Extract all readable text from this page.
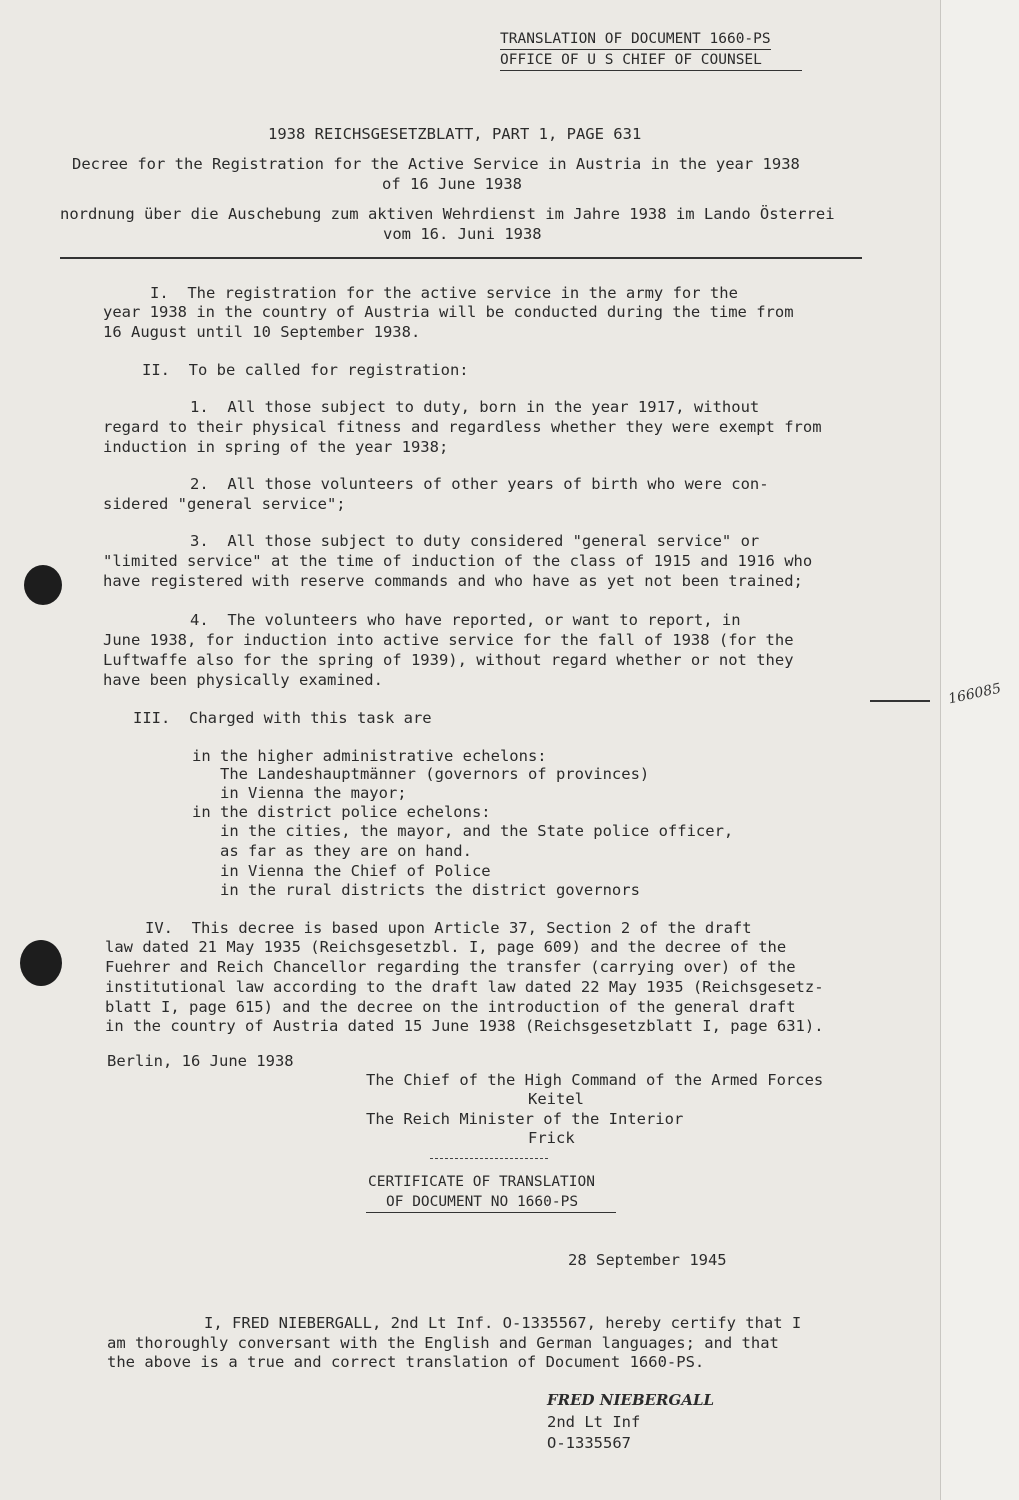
TRANSLATION OF DOCUMENT 1660-PS
OFFICE OF U S CHIEF OF COUNSEL
1938 REICHSGESETZBLATT, PART 1, PAGE 631
Decree for the Registration for the Active Service in Austria in the year 1938
of 16 June 1938
nordnung über die Auschebung zum aktiven Wehrdienst im Jahre 1938 im Lando Österrei
vom 16. Juni 1938
I.  The registration for the active service in the army for the
year 1938 in the country of Austria will be conducted during the time from
16 August until 10 September 1938.
II.  To be called for registration:
1.  All those subject to duty, born in the year 1917, without
regard to their physical fitness and regardless whether they were exempt from
induction in spring of the year 1938;
2.  All those volunteers of other years of birth who were con-
sidered "general service";
3.  All those subject to duty considered "general service" or
"limited service" at the time of induction of the class of 1915 and 1916 who
have registered with reserve commands and who have as yet not been trained;
4.  The volunteers who have reported, or want to report, in
June 1938, for induction into active service for the fall of 1938 (for the
Luftwaffe also for the spring of 1939), without regard whether or not they
have been physically examined.
III.  Charged with this task are
in the higher administrative echelons:
The Landeshauptmänner (governors of provinces)
in Vienna the mayor;
in the district police echelons:
in the cities, the mayor, and the State police officer,
as far as they are on hand.
in Vienna the Chief of Police
in the rural districts the district governors
IV.  This decree is based upon Article 37, Section 2 of the draft
law dated 21 May 1935 (Reichsgesetzbl. I, page 609) and the decree of the
Fuehrer and Reich Chancellor regarding the transfer (carrying over) of the
institutional law according to the draft law dated 22 May 1935 (Reichsgesetz-
blatt I, page 615) and the decree on the introduction of the general draft
in the country of Austria dated 15 June 1938 (Reichsgesetzblatt I, page 631).
Berlin, 16 June 1938
The Chief of the High Command of the Armed Forces
Keitel
The Reich Minister of the Interior
Frick
CERTIFICATE OF TRANSLATION
OF DOCUMENT NO 1660-PS
28 September 1945
I, FRED NIEBERGALL, 2nd Lt Inf. O-1335567, hereby certify that I
am thoroughly conversant with the English and German languages; and that
the above is a true and correct translation of Document 1660-PS.
FRED NIEBERGALL
2nd Lt Inf
O-1335567
166085
